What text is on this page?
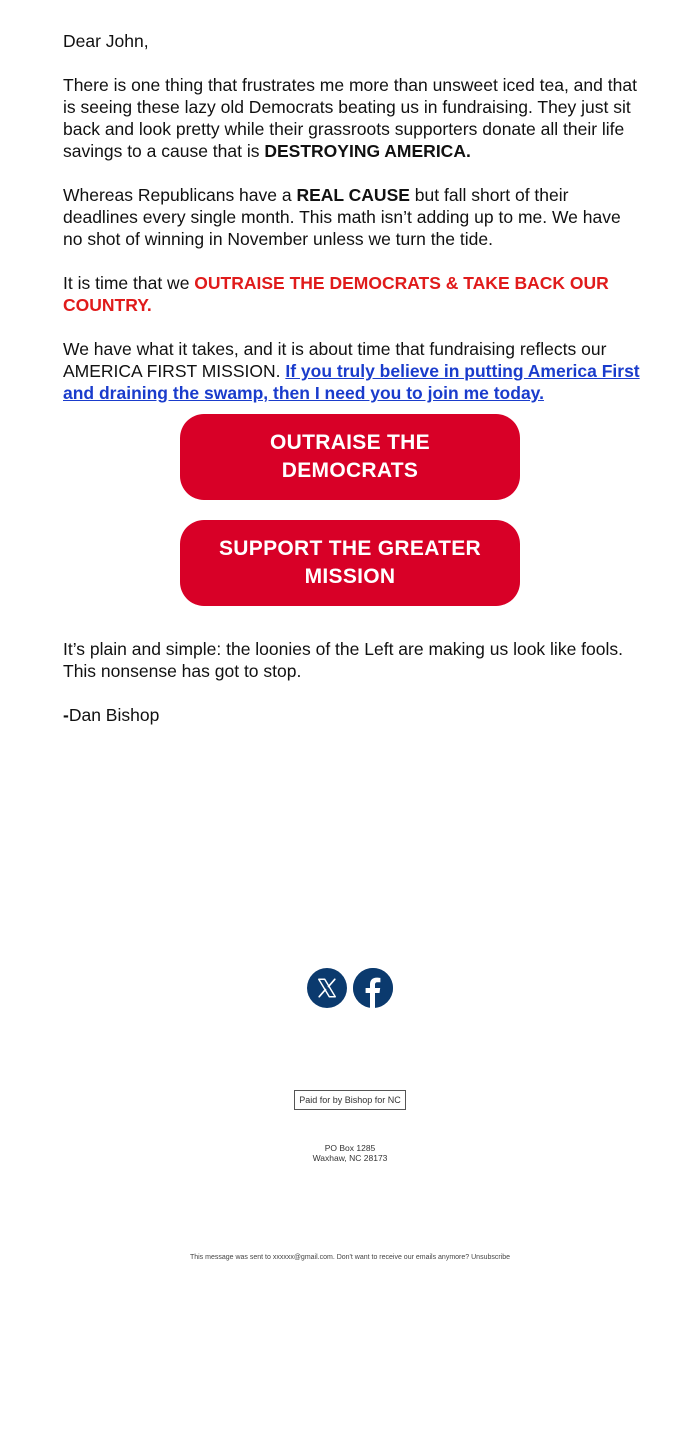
Dear John,

There is one thing that frustrates me more than unsweet iced tea, and that is seeing these lazy old Democrats beating us in fundraising. They just sit back and look pretty while their grassroots supporters donate all their life savings to a cause that is DESTROYING AMERICA.

Whereas Republicans have a REAL CAUSE but fall short of their deadlines every single month. This math isn’t adding up to me. We have no shot of winning in November unless we turn the tide.

It is time that we OUTRAISE THE DEMOCRATS & TAKE BACK OUR COUNTRY.

We have what it takes, and it is about time that fundraising reflects our AMERICA FIRST MISSION. If you truly believe in putting America First and draining the swamp, then I need you to join me today.

OUTRAISE THE DEMOCRATS
SUPPORT THE GREATER MISSION

It’s plain and simple: the loonies of the Left are making us look like fools. This nonsense has got to stop.

-Dan Bishop

Paid for by Bishop for NC
PO Box 1285
Waxhaw, NC 28173
This message was sent to xxxxxx@gmail.com. Don't want to receive our emails anymore? Unsubscribe
